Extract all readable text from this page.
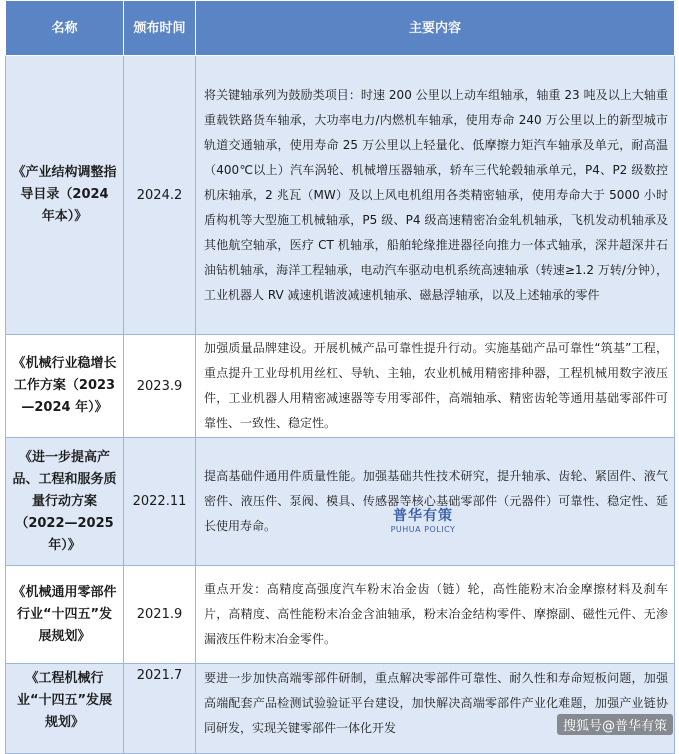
名称	颁布时间	主要内容
《产业结构调整指导目录（2024 年本）》	2024.2	将关键轴承列为鼓励类项目：时速 200 公里以上动车组轴承，轴重 23 吨及以上大轴重重载铁路货车轴承，大功率电力/内燃机车轴承，使用寿命 240 万公里以上的新型城市轨道交通轴承，使用寿命 25 万公里以上轻量化、低摩擦力矩汽车轴承及单元，耐高温（400℃以上）汽车涡轮、机械增压器轴承，轿车三代轮毂轴承单元，P4、P2 级数控机床轴承，2 兆瓦（MW）及以上风电机组用各类精密轴承，使用寿命大于 5000 小时盾构机等大型施工机械轴承，P5 级、P4 级高速精密冶金轧机轴承，飞机发动机轴承及其他航空轴承，医疗 CT 机轴承，船舶轮缘推进器径向推力一体式轴承，深井超深井石油钻机轴承，海洋工程轴承，电动汽车驱动电机系统高速轴承（转速≥1.2 万转/分钟），工业机器人 RV 减速机谐波减速机轴承、磁悬浮轴承，以及上述轴承的零件
《机械行业稳增长工作方案（2023—2024 年）》	2023.9	加强质量品牌建设。开展机械产品可靠性提升行动。实施基础产品可靠性“筑基”工程，重点提升工业母机用丝杠、导轨、主轴，农业机械用精密排种器，工程机械用数字液压件，工业机器人用精密减速器等专用零部件，高端轴承、精密齿轮等通用基础零部件可靠性、一致性、稳定性。
《进一步提高产品、工程和服务质量行动方案（2022—2025 年）》	2022.11	提高基础件通用件质量性能。加强基础共性技术研究，提升轴承、齿轮、紧固件、液气密件、液压件、泵阀、模具、传感器等核心基础零部件（元器件）可靠性、稳定性、延长使用寿命。
《机械通用零部件行业“十四五”发展规划》	2021.9	重点开发：高精度高强度汽车粉末冶金齿（链）轮，高性能粉末冶金摩擦材料及刹车片，高精度、高性能粉末冶金含油轴承，粉末冶金结构零件、摩擦副、磁性元件、无渗漏液压件粉末冶金零件。
《工程机械行业“十四五”发展规划》	2021.7	要进一步加快高端零部件研制，重点解决零部件可靠性、耐久性和寿命短板问题，加强高端配套产品检测试验验证平台建设，加快解决高端零部件产业化难题，加强产业链协同研发，实现关键零部件一体化开发
普华有策
PUHUA POLICY
搜狐号@普华有策
